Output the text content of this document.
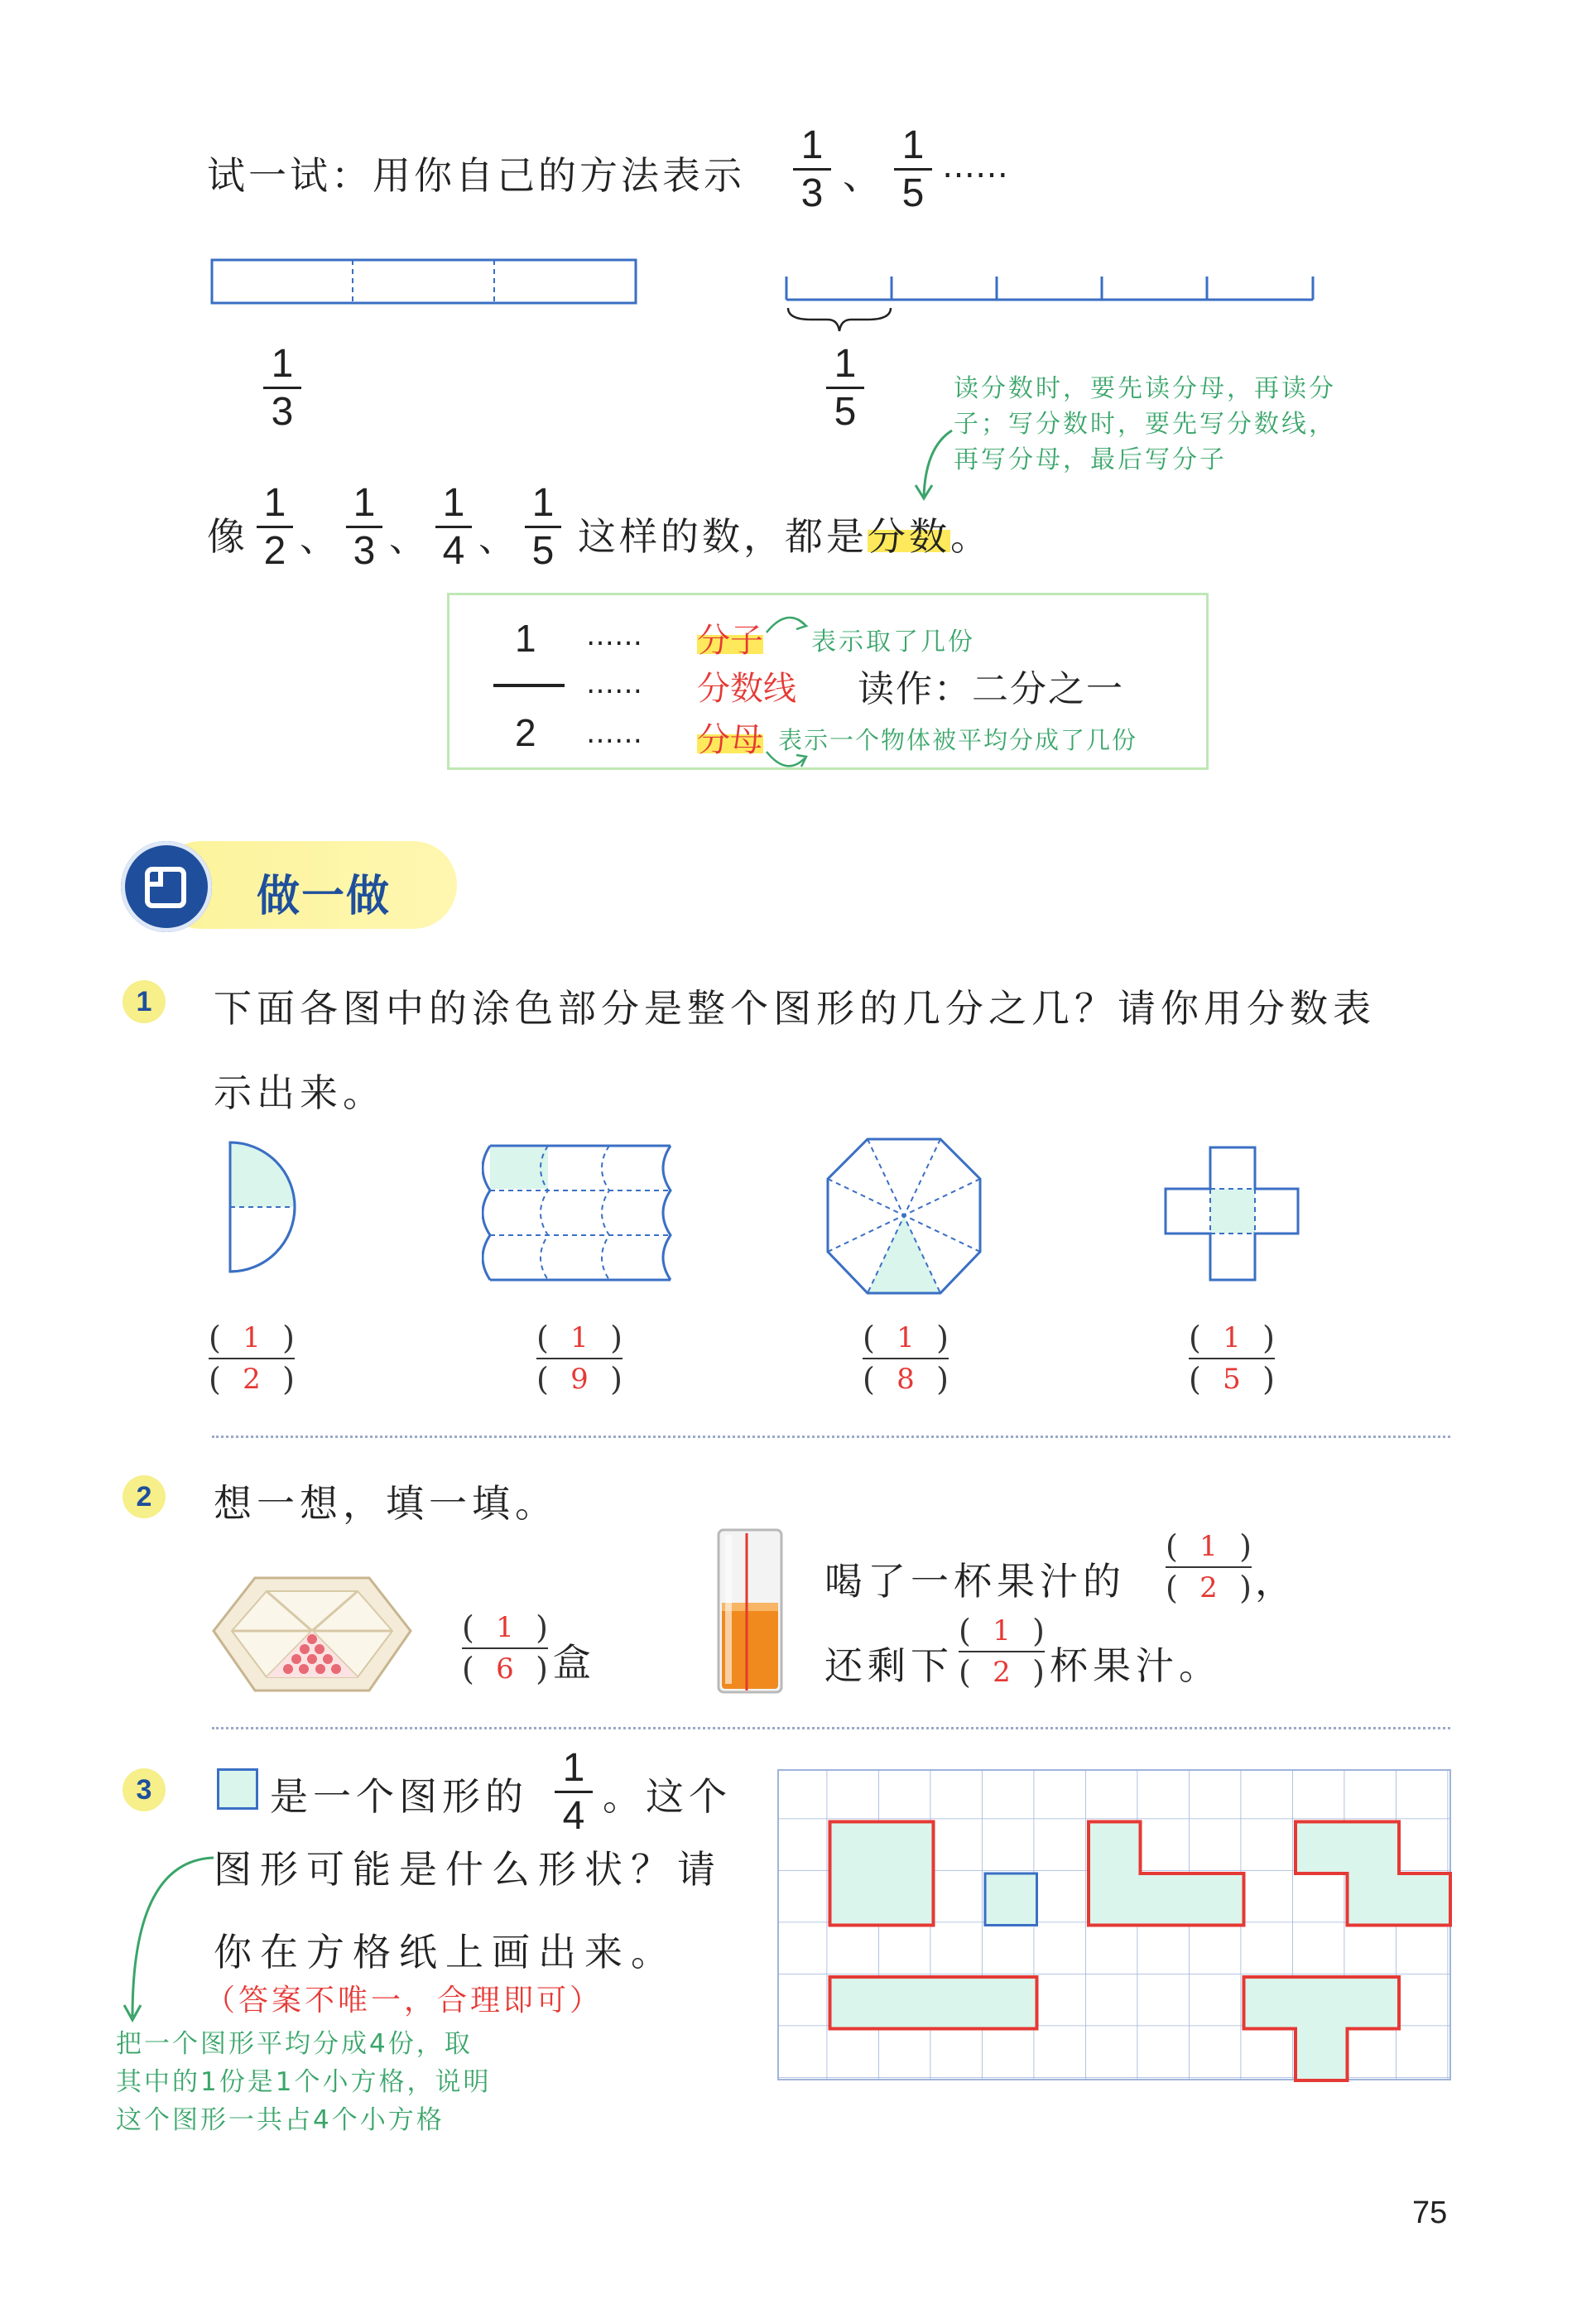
试一试：用你自己的方法表示
1
3 、
1
5
……
1
3
1
5
读分数时，要先读分母，再读分子；写分数时，要先写分数线，再写分母，最后写分子
像
1
2 、
1
3 、
1
4 、
1
5 这样的数，都是分数。
1
2
……
……
……
分子 表示取了几份
分数线 读作：二分之一
分母 表示一个物体被平均分成了几份
做一做
1	下面各图中的涂色部分是整个图形的几分之几？请你用分数表
示出来。
( 1 )
( 2 )
( 1 )
( 9 )
( 1 )
( 8 )
( 1 )
( 5 )
2	想一想，填一填。
( 1 )
( 6 ) 盒
喝了一杯果汁的
( 1 )
( 2 ) ，
还剩下
( 1 )
( 2 ) 杯果汁。
3	是一个图形的
1
4 。这个
图形可能是什么形状？请
你在方格纸上画出来。
（答案不唯一，合理即可）
把一个图形平均分成4份，取
其中的1份是1个小方格，说明
这个图形一共占4个小方格
75
